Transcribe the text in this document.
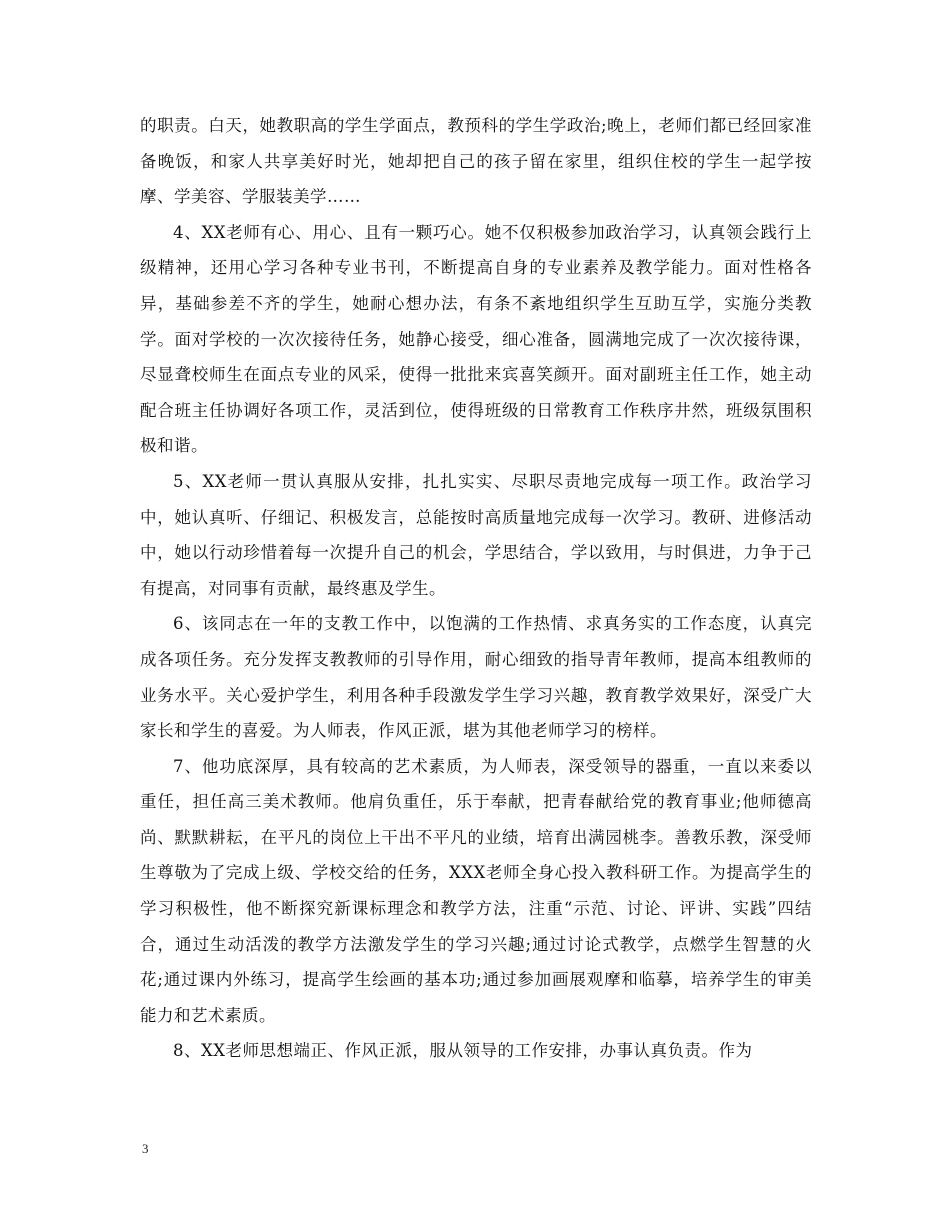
的职责。白天，她教职高的学生学面点，教预科的学生学政治;晚上，老师们都已经回家准备晚饭，和家人共享美好时光，她却把自己的孩子留在家里，组织住校的学生一起学按摩、学美容、学服装美学……

4、XX老师有心、用心、且有一颗巧心。她不仅积极参加政治学习，认真领会践行上级精神，还用心学习各种专业书刊，不断提高自身的专业素养及教学能力。面对性格各异，基础参差不齐的学生，她耐心想办法，有条不紊地组织学生互助互学，实施分类教学。面对学校的一次次接待任务，她静心接受，细心准备，圆满地完成了一次次接待课，尽显聋校师生在面点专业的风采，使得一批批来宾喜笑颜开。面对副班主任工作，她主动配合班主任协调好各项工作，灵活到位，使得班级的日常教育工作秩序井然，班级氛围积极和谐。

5、XX老师一贯认真服从安排，扎扎实实、尽职尽责地完成每一项工作。政治学习中，她认真听、仔细记、积极发言，总能按时高质量地完成每一次学习。教研、进修活动中，她以行动珍惜着每一次提升自己的机会，学思结合，学以致用，与时俱进，力争于己有提高，对同事有贡献，最终惠及学生。

6、该同志在一年的支教工作中，以饱满的工作热情、求真务实的工作态度，认真完成各项任务。充分发挥支教教师的引导作用，耐心细致的指导青年教师，提高本组教师的业务水平。关心爱护学生，利用各种手段激发学生学习兴趣，教育教学效果好，深受广大家长和学生的喜爱。为人师表，作风正派，堪为其他老师学习的榜样。

7、他功底深厚，具有较高的艺术素质，为人师表，深受领导的器重，一直以来委以重任，担任高三美术教师。他肩负重任，乐于奉献，把青春献给党的教育事业;他师德高尚、默默耕耘，在平凡的岗位上干出不平凡的业绩，培育出满园桃李。善教乐教，深受师生尊敬为了完成上级、学校交给的任务，XXX老师全身心投入教科研工作。为提高学生的学习积极性，他不断探究新课标理念和教学方法，注重“示范、讨论、评讲、实践”四结合，通过生动活泼的教学方法激发学生的学习兴趣;通过讨论式教学，点燃学生智慧的火花;通过课内外练习，提高学生绘画的基本功;通过参加画展观摩和临摹，培养学生的审美能力和艺术素质。

8、XX老师思想端正、作风正派，服从领导的工作安排，办事认真负责。作为

3
